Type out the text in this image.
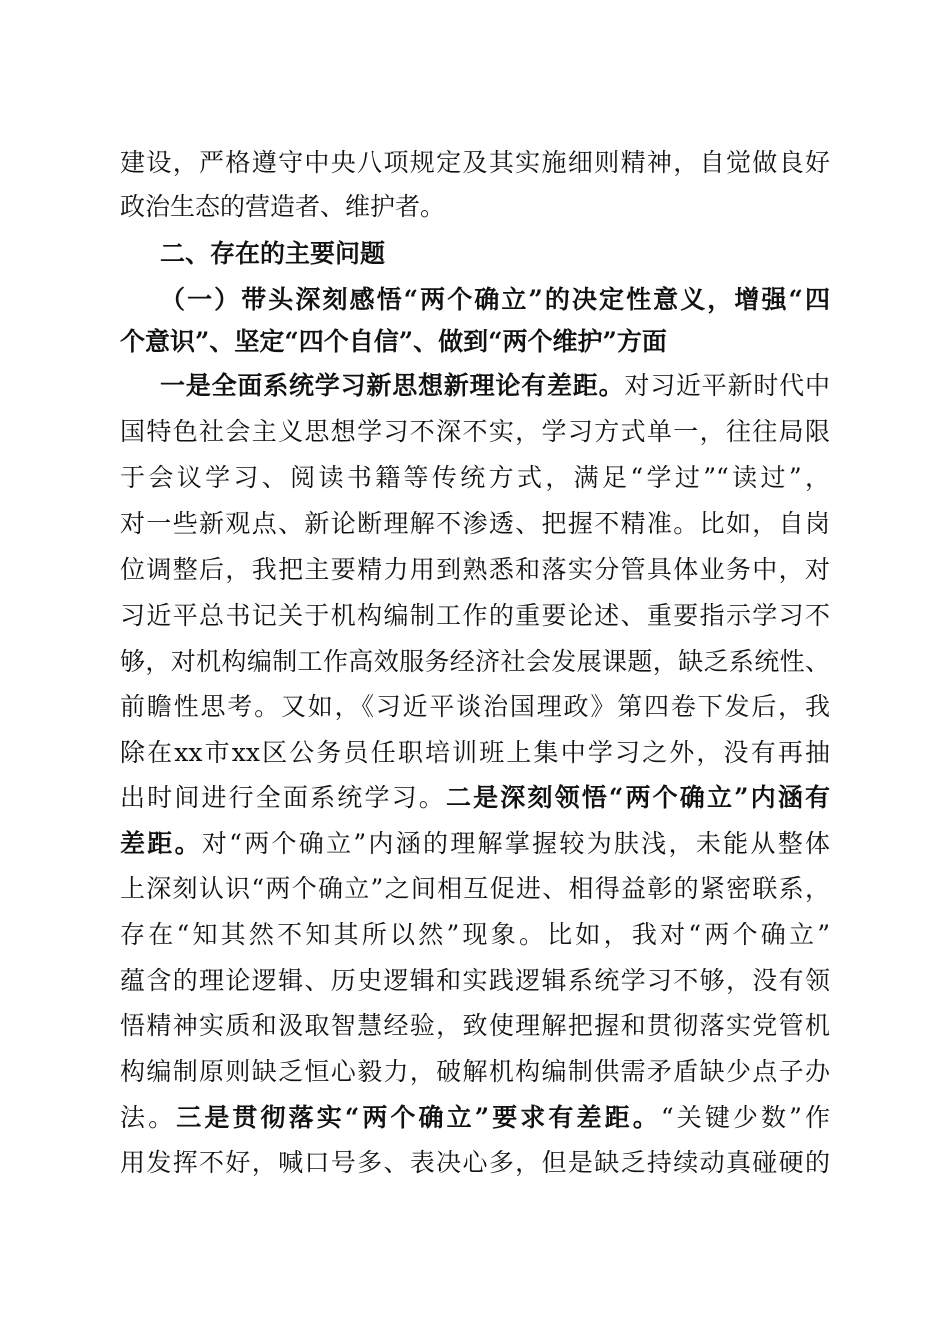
建设，严格遵守中央八项规定及其实施细则精神，自觉做良好
政治生态的营造者、维护者。
二、存在的主要问题
（一）带头深刻感悟“两个确立”的决定性意义，增强“四
个意识”、坚定“四个自信”、做到“两个维护”方面
一是全面系统学习新思想新理论有差距。对习近平新时代中
国特色社会主义思想学习不深不实，学习方式单一，往往局限
于会议学习、阅读书籍等传统方式，满足“学过”“读过”，
对一些新观点、新论断理解不渗透、把握不精准。比如，自岗
位调整后，我把主要精力用到熟悉和落实分管具体业务中，对
习近平总书记关于机构编制工作的重要论述、重要指示学习不
够，对机构编制工作高效服务经济社会发展课题，缺乏系统性、
前瞻性思考。又如，《习近平谈治国理政》第四卷下发后，我
除在xx市xx区公务员任职培训班上集中学习之外，没有再抽
出时间进行全面系统学习。二是深刻领悟“两个确立”内涵有
差距。对“两个确立”内涵的理解掌握较为肤浅，未能从整体
上深刻认识“两个确立”之间相互促进、相得益彰的紧密联系，
存在“知其然不知其所以然”现象。比如，我对“两个确立”
蕴含的理论逻辑、历史逻辑和实践逻辑系统学习不够，没有领
悟精神实质和汲取智慧经验，致使理解把握和贯彻落实党管机
构编制原则缺乏恒心毅力，破解机构编制供需矛盾缺少点子办
法。三是贯彻落实“两个确立”要求有差距。“关键少数”作
用发挥不好，喊口号多、表决心多，但是缺乏持续动真碰硬的
